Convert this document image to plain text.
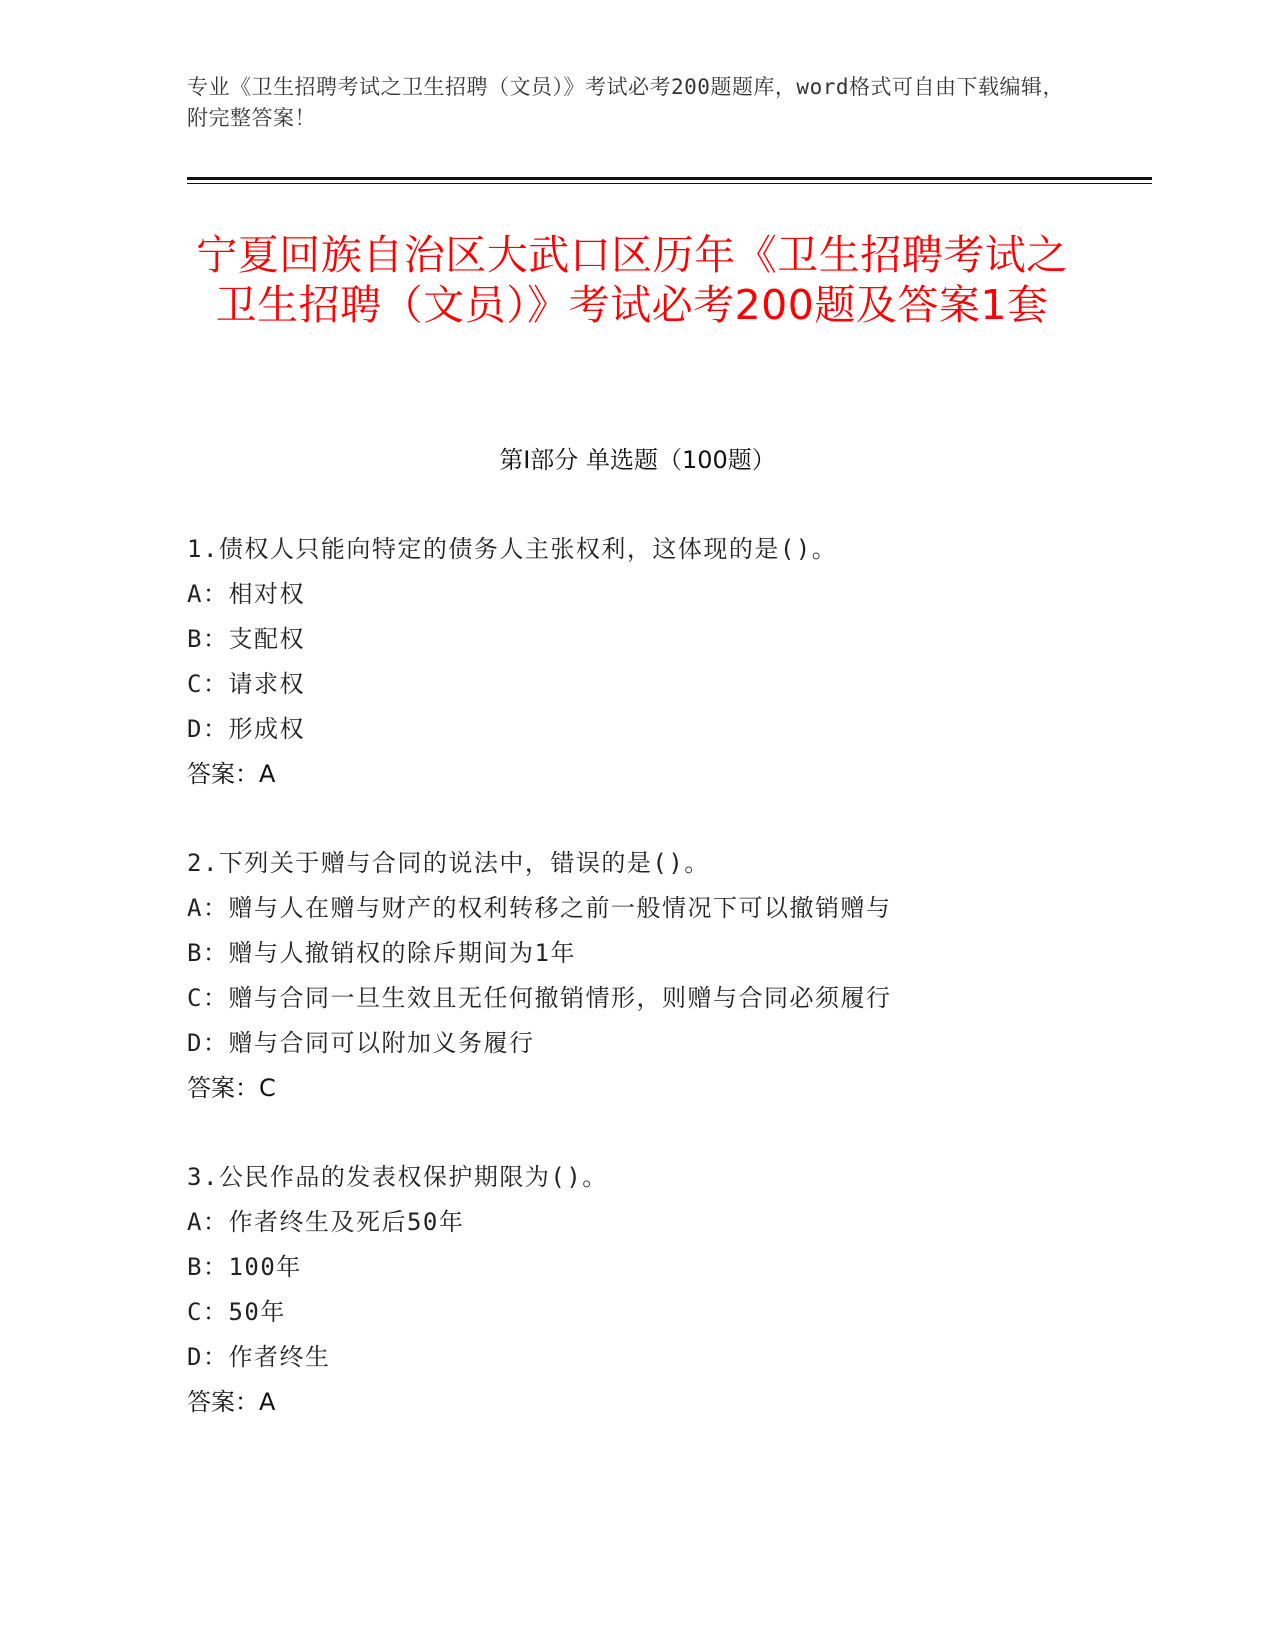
专业《卫生招聘考试之卫生招聘（文员）》考试必考200题题库，word格式可自由下载编辑，附完整答案！
宁夏回族自治区大武口区历年《卫生招聘考试之卫生招聘（文员）》考试必考200题及答案1套
第I部分 单选题（100题）
1.债权人只能向特定的债务人主张权利，这体现的是()。
A：相对权
B：支配权
C：请求权
D：形成权
答案：A
2.下列关于赠与合同的说法中，错误的是()。
A：赠与人在赠与财产的权利转移之前一般情况下可以撤销赠与
B：赠与人撤销权的除斥期间为1年
C：赠与合同一旦生效且无任何撤销情形，则赠与合同必须履行
D：赠与合同可以附加义务履行
答案：C
3.公民作品的发表权保护期限为()。
A：作者终生及死后50年
B：100年
C：50年
D：作者终生
答案：A
